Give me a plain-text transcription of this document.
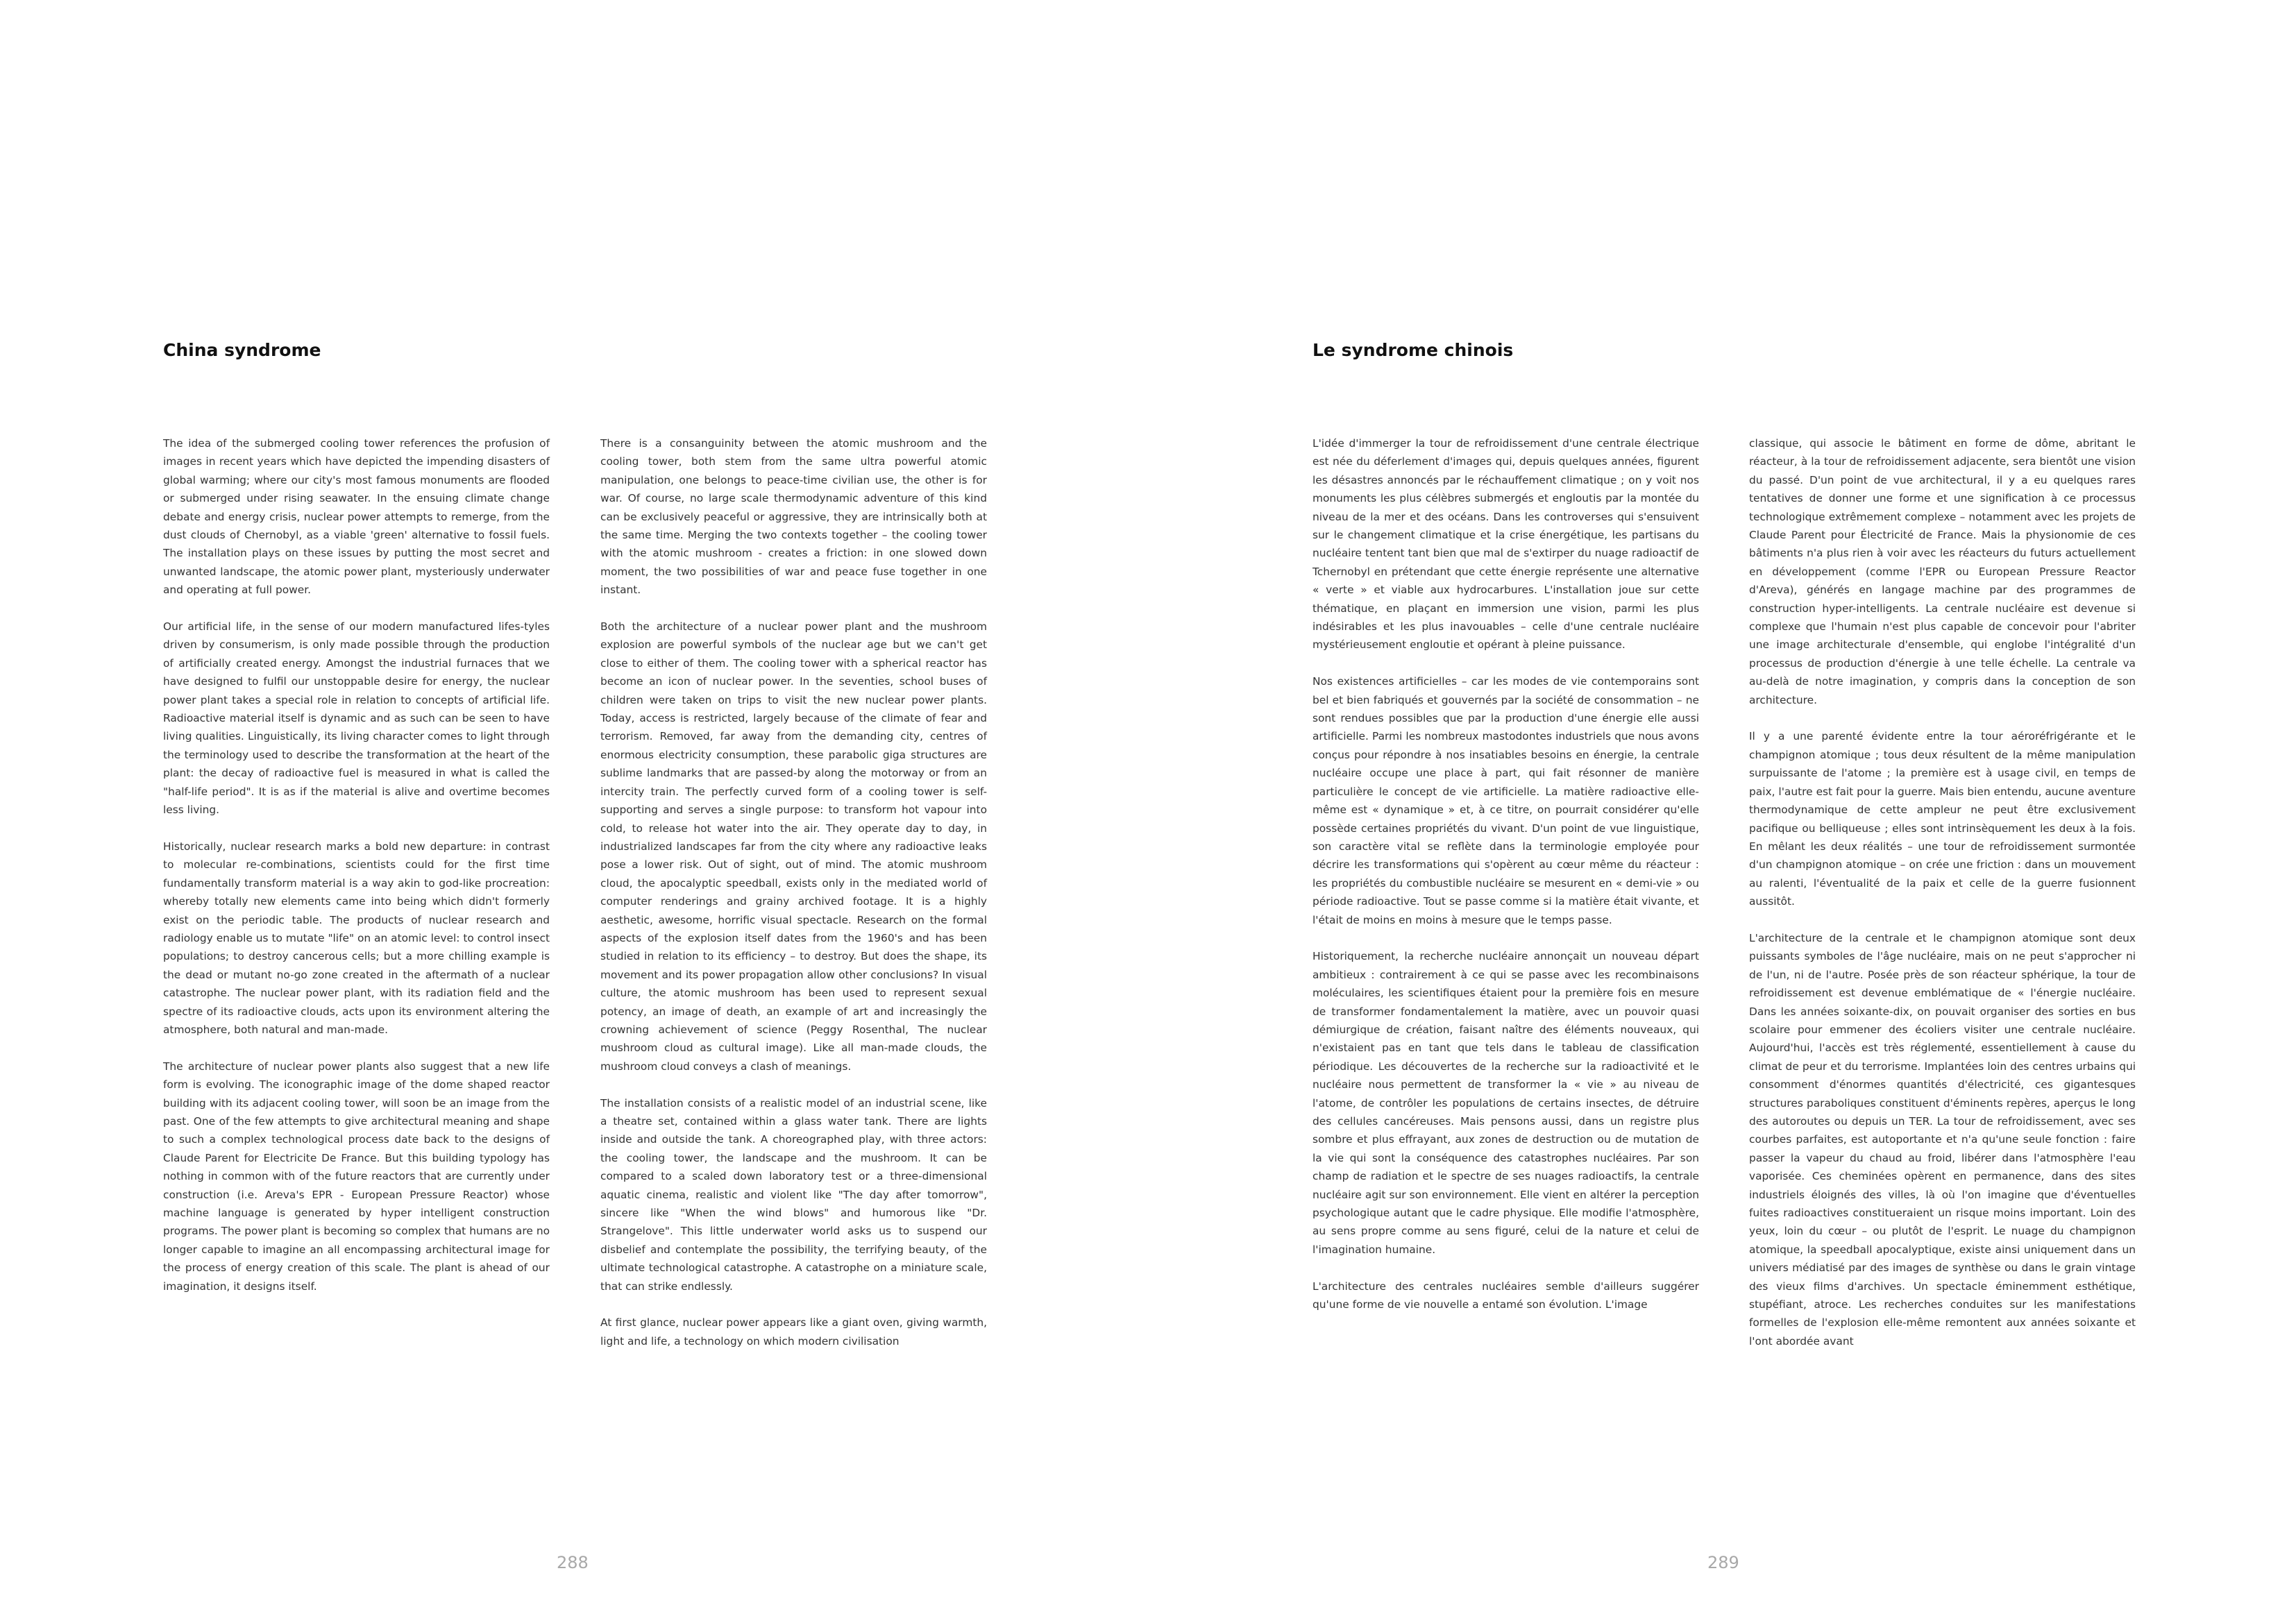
China syndrome

The idea of the submerged cooling tower references the profusion of images in recent years which have depicted the impending disasters of global warming; where our city's most famous monuments are flooded or submerged under rising seawater. In the ensuing climate change debate and energy crisis, nuclear power attempts to remerge, from the dust clouds of Chernobyl, as a viable 'green' alternative to fossil fuels. The installation plays on these issues by putting the most secret and unwanted landscape, the atomic power plant, mysteriously underwater and operating at full power.

Our artificial life, in the sense of our modern manufactured lifes-tyles driven by consumerism, is only made possible through the production of artificially created energy. Amongst the industrial furnaces that we have designed to fulfil our unstoppable desire for energy, the nuclear power plant takes a special role in relation to concepts of artificial life. Radioactive material itself is dynamic and as such can be seen to have living qualities. Linguistically, its living character comes to light through the terminology used to describe the transformation at the heart of the plant: the decay of radioactive fuel is measured in what is called the "half-life period". It is as if the material is alive and overtime becomes less living.

Historically, nuclear research marks a bold new departure: in contrast to molecular re-combinations, scientists could for the first time fundamentally transform material is a way akin to god-like procreation: whereby totally new elements came into being which didn't formerly exist on the periodic table. The products of nuclear research and radiology enable us to mutate "life" on an atomic level: to control insect populations; to destroy cancerous cells; but a more chilling example is the dead or mutant no-go zone created in the aftermath of a nuclear catastrophe. The nuclear power plant, with its radiation field and the spectre of its radioactive clouds, acts upon its environment altering the atmosphere, both natural and man-made.

The architecture of nuclear power plants also suggest that a new life form is evolving. The iconographic image of the dome shaped reactor building with its adjacent cooling tower, will soon be an image from the past. One of the few attempts to give architectural meaning and shape to such a complex technological process date back to the designs of Claude Parent for Electricite De France. But this building typology has nothing in common with of the future reactors that are currently under construction (i.e. Areva's EPR - European Pressure Reactor) whose machine language is generated by hyper intelligent construction programs. The power plant is becoming so complex that humans are no longer capable to imagine an all encompassing architectural image for the process of energy creation of this scale. The plant is ahead of our imagination, it designs itself.

There is a consanguinity between the atomic mushroom and the cooling tower, both stem from the same ultra powerful atomic manipulation, one belongs to peace-time civilian use, the other is for war. Of course, no large scale thermodynamic adventure of this kind can be exclusively peaceful or aggressive, they are intrinsically both at the same time. Merging the two contexts together – the cooling tower with the atomic mushroom - creates a friction: in one slowed down moment, the two possibilities of war and peace fuse together in one instant.

Both the architecture of a nuclear power plant and the mushroom explosion are powerful symbols of the nuclear age but we can't get close to either of them. The cooling tower with a spherical reactor has become an icon of nuclear power. In the seventies, school buses of children were taken on trips to visit the new nuclear power plants. Today, access is restricted, largely because of the climate of fear and terrorism. Removed, far away from the demanding city, centres of enormous electricity consumption, these parabolic giga structures are sublime landmarks that are passed-by along the motorway or from an intercity train. The perfectly curved form of a cooling tower is self-supporting and serves a single purpose: to transform hot vapour into cold, to release hot water into the air. They operate day to day, in industrialized landscapes far from the city where any radioactive leaks pose a lower risk. Out of sight, out of mind. The atomic mushroom cloud, the apocalyptic speedball, exists only in the mediated world of computer renderings and grainy archived footage. It is a highly aesthetic, awesome, horrific visual spectacle. Research on the formal aspects of the explosion itself dates from the 1960's and has been studied in relation to its efficiency – to destroy. But does the shape, its movement and its power propagation allow other conclusions? In visual culture, the atomic mushroom has been used to represent sexual potency, an image of death, an example of art and increasingly the crowning achievement of science (Peggy Rosenthal, The nuclear mushroom cloud as cultural image). Like all man-made clouds, the mushroom cloud conveys a clash of meanings.

The installation consists of a realistic model of an industrial scene, like a theatre set, contained within a glass water tank. There are lights inside and outside the tank. A choreographed play, with three actors: the cooling tower, the landscape and the mushroom. It can be compared to a scaled down laboratory test or a three-dimensional aquatic cinema, realistic and violent like "The day after tomorrow", sincere like "When the wind blows" and humorous like "Dr. Strangelove". This little underwater world asks us to suspend our disbelief and contemplate the possibility, the terrifying beauty, of the ultimate technological catastrophe. A catastrophe on a miniature scale, that can strike endlessly.

At first glance, nuclear power appears like a giant oven, giving warmth, light and life, a technology on which modern civilisation

288
Le syndrome chinois

L'idée d'immerger la tour de refroidissement d'une centrale électrique est née du déferlement d'images qui, depuis quelques années, figurent les désastres annoncés par le réchauffement climatique ; on y voit nos monuments les plus célèbres submergés et engloutis par la montée du niveau de la mer et des océans. Dans les controverses qui s'ensuivent sur le changement climatique et la crise énergétique, les partisans du nucléaire tentent tant bien que mal de s'extirper du nuage radioactif de Tchernobyl en prétendant que cette énergie représente une alternative « verte » et viable aux hydrocarbures. L'installation joue sur cette thématique, en plaçant en immersion une vision, parmi les plus indésirables et les plus inavouables – celle d'une centrale nucléaire mystérieusement engloutie et opérant à pleine puissance.

Nos existences artificielles – car les modes de vie contemporains sont bel et bien fabriqués et gouvernés par la société de consommation – ne sont rendues possibles que par la production d'une énergie elle aussi artificielle. Parmi les nombreux mastodontes industriels que nous avons conçus pour répondre à nos insatiables besoins en énergie, la centrale nucléaire occupe une place à part, qui fait résonner de manière particulière le concept de vie artificielle. La matière radioactive elle-même est « dynamique » et, à ce titre, on pourrait considérer qu'elle possède certaines propriétés du vivant. D'un point de vue linguistique, son caractère vital se reflète dans la terminologie employée pour décrire les transformations qui s'opèrent au cœur même du réacteur : les propriétés du combustible nucléaire se mesurent en « demi-vie » ou période radioactive. Tout se passe comme si la matière était vivante, et l'était de moins en moins à mesure que le temps passe.

Historiquement, la recherche nucléaire annonçait un nouveau départ ambitieux : contrairement à ce qui se passe avec les recombinaisons moléculaires, les scientifiques étaient pour la première fois en mesure de transformer fondamentalement la matière, avec un pouvoir quasi démiurgique de création, faisant naître des éléments nouveaux, qui n'existaient pas en tant que tels dans le tableau de classification périodique. Les découvertes de la recherche sur la radioactivité et le nucléaire nous permettent de transformer la « vie » au niveau de l'atome, de contrôler les populations de certains insectes, de détruire des cellules cancéreuses. Mais pensons aussi, dans un registre plus sombre et plus effrayant, aux zones de destruction ou de mutation de la vie qui sont la conséquence des catastrophes nucléaires. Par son champ de radiation et le spectre de ses nuages radioactifs, la centrale nucléaire agit sur son environnement. Elle vient en altérer la perception psychologique autant que le cadre physique. Elle modifie l'atmosphère, au sens propre comme au sens figuré, celui de la nature et celui de l'imagination humaine.

L'architecture des centrales nucléaires semble d'ailleurs suggérer qu'une forme de vie nouvelle a entamé son évolution. L'image

classique, qui associe le bâtiment en forme de dôme, abritant le réacteur, à la tour de refroidissement adjacente, sera bientôt une vision du passé. D'un point de vue architectural, il y a eu quelques rares tentatives de donner une forme et une signification à ce processus technologique extrêmement complexe – notamment avec les projets de Claude Parent pour Électricité de France. Mais la physionomie de ces bâtiments n'a plus rien à voir avec les réacteurs du futurs actuellement en développement (comme l'EPR ou European Pressure Reactor d'Areva), générés en langage machine par des programmes de construction hyper-intelligents. La centrale nucléaire est devenue si complexe que l'humain n'est plus capable de concevoir pour l'abriter une image architecturale d'ensemble, qui englobe l'intégralité d'un processus de production d'énergie à une telle échelle. La centrale va au-delà de notre imagination, y compris dans la conception de son architecture.

Il y a une parenté évidente entre la tour aéroréfrigérante et le champignon atomique ; tous deux résultent de la même manipulation surpuissante de l'atome ; la première est à usage civil, en temps de paix, l'autre est fait pour la guerre. Mais bien entendu, aucune aventure thermodynamique de cette ampleur ne peut être exclusivement pacifique ou belliqueuse ; elles sont intrinsèquement les deux à la fois. En mêlant les deux réalités – une tour de refroidissement surmontée d'un champignon atomique – on crée une friction : dans un mouvement au ralenti, l'éventualité de la paix et celle de la guerre fusionnent aussitôt.

L'architecture de la centrale et le champignon atomique sont deux puissants symboles de l'âge nucléaire, mais on ne peut s'approcher ni de l'un, ni de l'autre. Posée près de son réacteur sphérique, la tour de refroidissement est devenue emblématique de « l'énergie nucléaire. Dans les années soixante-dix, on pouvait organiser des sorties en bus scolaire pour emmener des écoliers visiter une centrale nucléaire. Aujourd'hui, l'accès est très réglementé, essentiellement à cause du climat de peur et du terrorisme. Implantées loin des centres urbains qui consomment d'énormes quantités d'électricité, ces gigantesques structures paraboliques constituent d'éminents repères, aperçus le long des autoroutes ou depuis un TER. La tour de refroidissement, avec ses courbes parfaites, est autoportante et n'a qu'une seule fonction : faire passer la vapeur du chaud au froid, libérer dans l'atmosphère l'eau vaporisée. Ces cheminées opèrent en permanence, dans des sites industriels éloignés des villes, là où l'on imagine que d'éventuelles fuites radioactives constitueraient un risque moins important. Loin des yeux, loin du cœur – ou plutôt de l'esprit. Le nuage du champignon atomique, la speedball apocalyptique, existe ainsi uniquement dans un univers médiatisé par des images de synthèse ou dans le grain vintage des vieux films d'archives. Un spectacle éminemment esthétique, stupéfiant, atroce. Les recherches conduites sur les manifestations formelles de l'explosion elle-même remontent aux années soixante et l'ont abordée avant

289
